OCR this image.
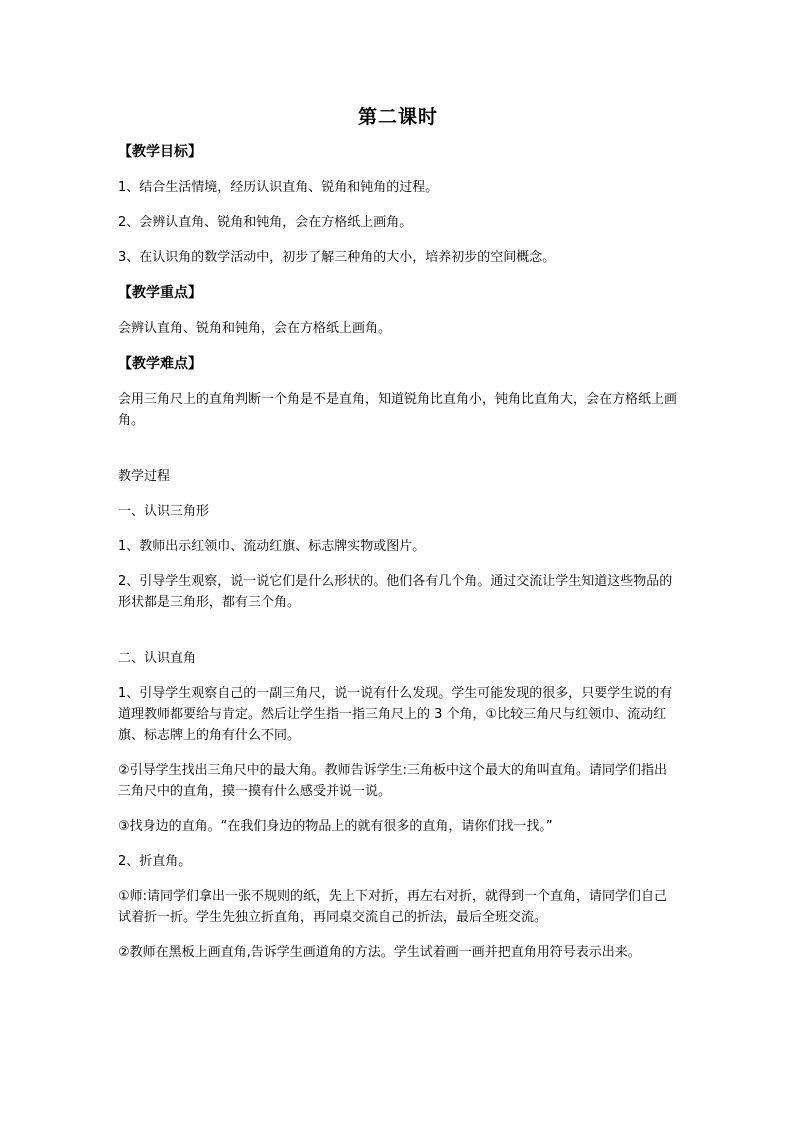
第二课时
【教学目标】
1、结合生活情境，经历认识直角、锐角和钝角的过程。
2、会辨认直角、锐角和钝角，会在方格纸上画角。
3、在认识角的数学活动中，初步了解三种角的大小，培养初步的空间概念。
【教学重点】
会辨认直角、锐角和钝角，会在方格纸上画角。
【教学难点】
会用三角尺上的直角判断一个角是不是直角，知道锐角比直角小，钝角比直角大，会在方格纸上画角。
教学过程
一、认识三角形
1、教师出示红领巾、流动红旗、标志牌实物或图片。
2、引导学生观察，说一说它们是什么形状的。他们各有几个角。通过交流让学生知道这些物品的形状都是三角形，都有三个角。
二、认识直角
1、引导学生观察自己的一副三角尺，说一说有什么发现。学生可能发现的很多，只要学生说的有道理教师都要给与肯定。然后让学生指一指三角尺上的 3 个角，①比较三角尺与红领巾、流动红旗、标志牌上的角有什么不同。
②引导学生找出三角尺中的最大角。教师告诉学生:三角板中这个最大的角叫直角。请同学们指出三角尺中的直角，摸一摸有什么感受并说一说。
③找身边的直角。“在我们身边的物品上的就有很多的直角，请你们找一找。”
2、折直角。
①师:请同学们拿出一张不规则的纸，先上下对折，再左右对折，就得到一个直角，请同学们自己试着折一折。学生先独立折直角，再同桌交流自己的折法，最后全班交流。
②教师在黑板上画直角,告诉学生画道角的方法。学生试着画一画并把直角用符号表示出来。
